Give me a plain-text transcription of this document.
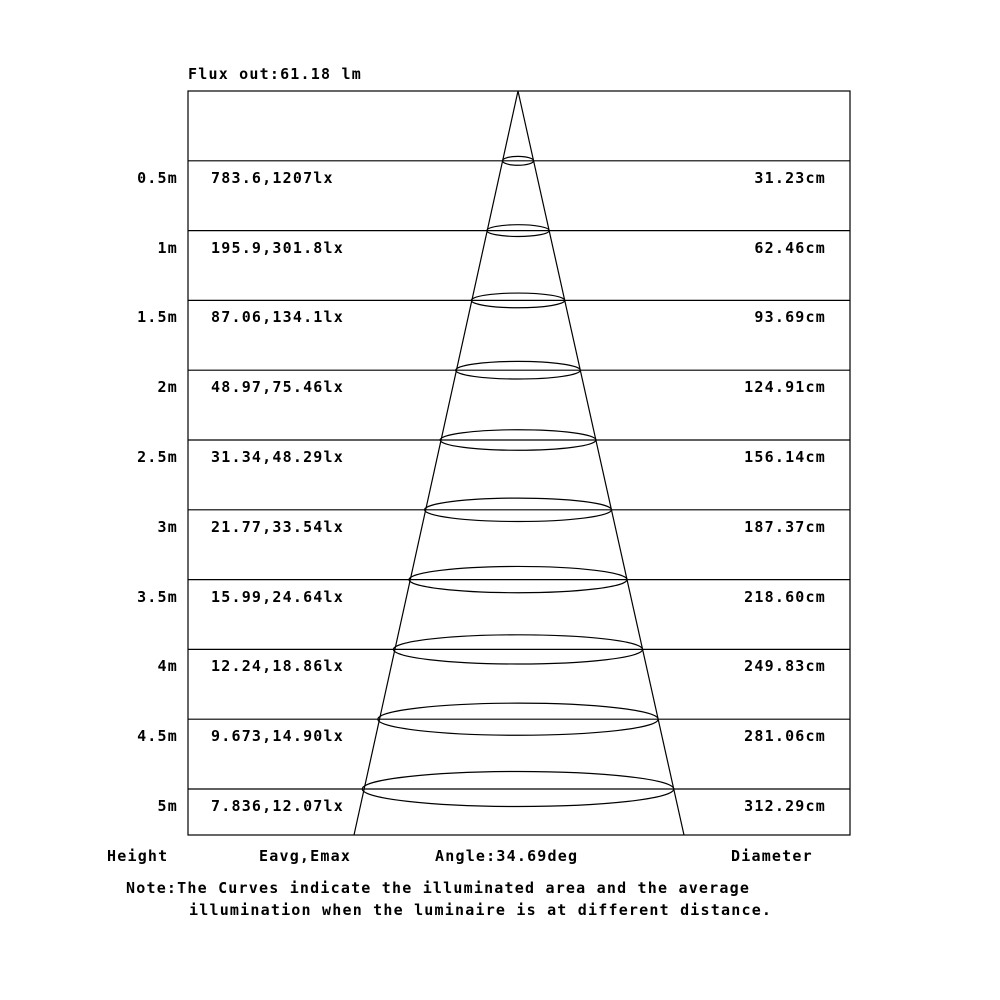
Flux out:61.18 lm
0.5m 783.6,1207lx	31.23cm
1m 195.9,301.8lx	62.46cm
1.5m 87.06,134.1lx	93.69cm
2m 48.97,75.46lx	124.91cm
2.5m 31.34,48.29lx	156.14cm
3m 21.77,33.54lx	187.37cm
3.5m 15.99,24.64lx	218.60cm
4m 12.24,18.86lx	249.83cm
4.5m 9.673,14.90lx	281.06cm
5m 7.836,12.07lx	312.29cm
Height	Eavg,Emax	Angle:34.69deg	Diameter
Note:The Curves indicate the illuminated area and the average
illumination when the luminaire is at different distance.
